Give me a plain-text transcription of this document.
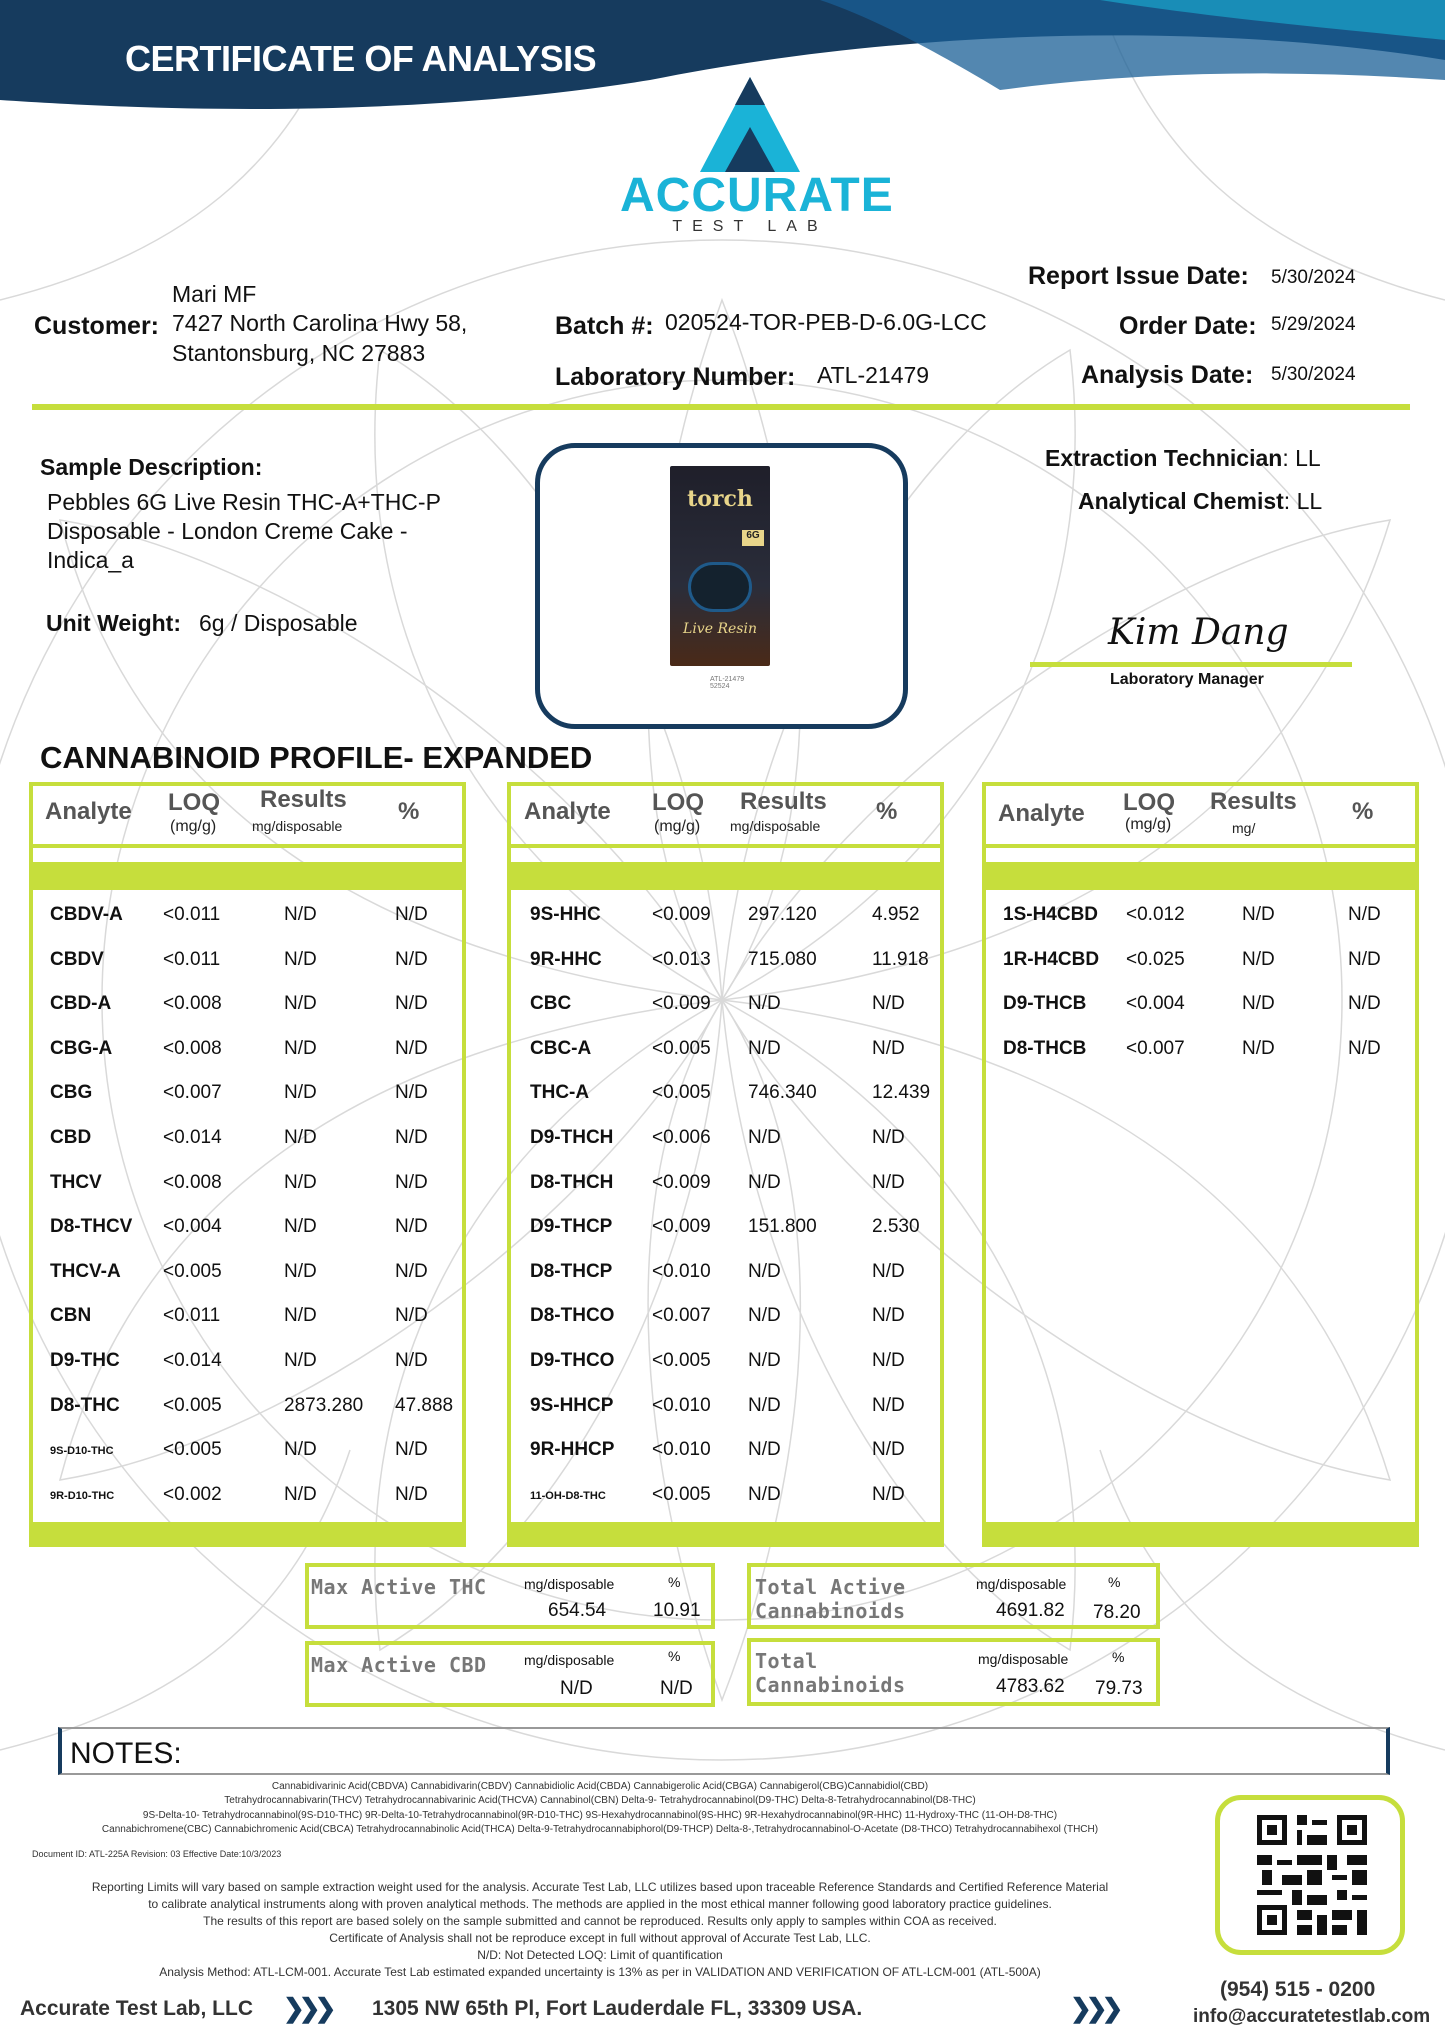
CERTIFICATE OF ANALYSIS
ACCURATE
TEST LAB
Mari MF
Customer: 7427 North Carolina Hwy 58,
Stantonsburg, NC 27883
Batch #: 020524-TOR-PEB-D-6.0G-LCC
Laboratory Number: ATL-21479
Report Issue Date: 5/30/2024
Order Date: 5/29/2024
Analysis Date: 5/30/2024
Sample Description:
Pebbles 6G Live Resin THC-A+THC-P
Disposable - London Creme Cake -
Indica_a
Unit Weight: 6g / Disposable
torch
6G
Live Resin
ATL-21479
52524
Extraction Technician: LL
Analytical Chemist: LL
Kim Dang
Laboratory Manager
CANNABINOID PROFILE- EXPANDED
Analyte LOQ
(mg/g)
Results
mg/disposable
%	Analyte LOQ
(mg/g)
Results
mg/disposable
%	Analyte LOQ
(mg/g)
Results
mg/
%
CBDV-A <0.011	N/D	N/D
CBDV	<0.011	N/D	N/D
CBD-A	<0.008	N/D	N/D
CBG-A	<0.008	N/D	N/D
CBG	<0.007	N/D	N/D
CBD	<0.014	N/D	N/D
THCV	<0.008	N/D	N/D
D8-THCV <0.004	N/D	N/D
THCV-A <0.005	N/D	N/D
CBN	<0.011	N/D	N/D
D9-THC <0.014	N/D	N/D
D8-THC <0.005	2873.280 47.888
9S-D10-THC	<0.005	N/D	N/D
9R-D10-THC	<0.002	N/D	N/D
9S-HHC	<0.009 297.120	4.952
9R-HHC	<0.013 715.080	11.918
CBC	<0.009 N/D	N/D
CBC-A	<0.005 N/D	N/D
THC-A	<0.005 746.340	12.439
D9-THCH <0.006 N/D	N/D
D8-THCH <0.009 N/D	N/D
D9-THCP <0.009 151.800	2.530
D8-THCP <0.010 N/D	N/D
D8-THCO <0.007 N/D	N/D
D9-THCO <0.005 N/D	N/D
9S-HHCP <0.010 N/D	N/D
9R-HHCP <0.010 N/D	N/D
11-OH-D8-THC <0.005 N/D	N/D
1S-H4CBD <0.012	N/D	N/D
1R-H4CBD <0.025	N/D	N/D
D9-THCB <0.004	N/D	N/D
D8-THCB <0.007	N/D	N/D
Max Active THC	mg/disposable	%
654.54 10.91
Max Active CBD	mg/disposable	%
N/D	N/D
Total Active
Cannabinoids
mg/disposable	%
4691.82 78.20
Total
Cannabinoids
mg/disposable	%
4783.62 79.73
NOTES:
Cannabidivarinic Acid(CBDVA) Cannabidivarin(CBDV) Cannabidiolic Acid(CBDA) Cannabigerolic Acid(CBGA) Cannabigerol(CBG)Cannabidiol(CBD)
Tetrahydrocannabivarin(THCV) Tetrahydrocannabivarinic Acid(THCVA) Cannabinol(CBN) Delta-9- Tetrahydrocannabinol(D9-THC) Delta-8-Tetrahydrocannabinol(D8-THC)
9S-Delta-10- Tetrahydrocannabinol(9S-D10-THC) 9R-Delta-10-Tetrahydrocannabinol(9R-D10-THC) 9S-Hexahydrocannabinol(9S-HHC) 9R-Hexahydrocannabinol(9R-HHC) 11-Hydroxy-THC (11-OH-D8-THC)
Cannabichromene(CBC) Cannabichromenic Acid(CBCA) Tetrahydrocannabinolic Acid(THCA) Delta-9-Tetrahydrocannabiphorol(D9-THCP) Delta-8-,Tetrahydrocannabinol-O-Acetate (D8-THCO) Tetrahydrocannabihexol (THCH)
Document ID: ATL-225A Revision: 03 Effective Date:10/3/2023
Reporting Limits will vary based on sample extraction weight used for the analysis. Accurate Test Lab, LLC utilizes based upon traceable Reference Standards and Certified Reference Material
to calibrate analytical instruments along with proven analytical methods. The methods are applied in the most ethical manner following good laboratory practice guidelines.
The results of this report are based solely on the sample submitted and cannot be reproduced. Results only apply to samples within COA as received.
Certificate of Analysis shall not be reproduce except in full without approval of Accurate Test Lab, LLC.
N/D: Not Detected LOQ: Limit of quantification
Analysis Method: ATL-LCM-001. Accurate Test Lab estimated expanded uncertainty is 13% as per in VALIDATION AND VERIFICATION OF ATL-LCM-001 (ATL-500A)
Accurate Test Lab, LLC ❯❯❯ 1305 NW 65th Pl, Fort Lauderdale FL, 33309 USA.	❯❯❯
(954) 515 - 0200
info@accuratetestlab.com
